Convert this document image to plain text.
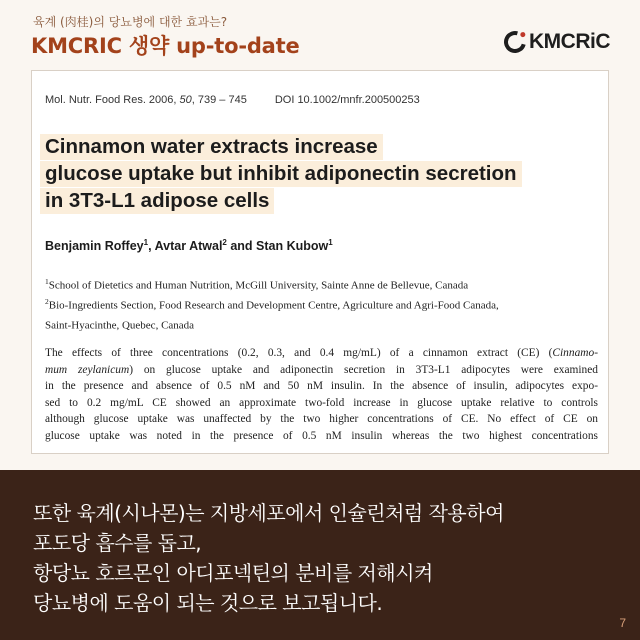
육계 (肉桂)의 당뇨병에 대한 효과는?
KMCRIC 생약 up-to-date	KMCRiC
Mol. Nutr. Food Res. 2006, 50, 739 – 745	DOI 10.1002/mnfr.200500253
Cinnamon water extracts increase
glucose uptake but inhibit adiponectin secretion
in 3T3-L1 adipose cells
Benjamin Roffey$^1$, Avtar Atwal$^2$ and Stan Kubow$^1$
$^1$School of Dietetics and Human Nutrition, McGill University, Sainte Anne de Bellevue, Canada
$^2$Bio-Ingredients Section, Food Research and Development Centre, Agriculture and Agri-Food Canada,
Saint-Hyacinthe, Quebec, Canada
The effects of three concentrations (0.2, 0.3, and 0.4 mg/mL) of a cinnamon extract (CE) (Cinnamo-
mum zeylanicum) on glucose uptake and adiponectin secretion in 3T3-L1 adipocytes were examined
in the presence and absence of 0.5 nM and 50 nM insulin. In the absence of insulin, adipocytes expo-
sed to 0.2 mg/mL CE showed an approximate two-fold increase in glucose uptake relative to controls
although glucose uptake was unaffected by the two higher concentrations of CE. No effect of CE on
glucose uptake was noted in the presence of 0.5 nM insulin whereas the two highest concentrations
또한 육계(시나몬)는 지방세포에서 인슐린처럼 작용하여
포도당 흡수를 돕고,
항당뇨 호르몬인 아디포넥틴의 분비를 저해시켜
당뇨병에 도움이 되는 것으로 보고됩니다.
7
